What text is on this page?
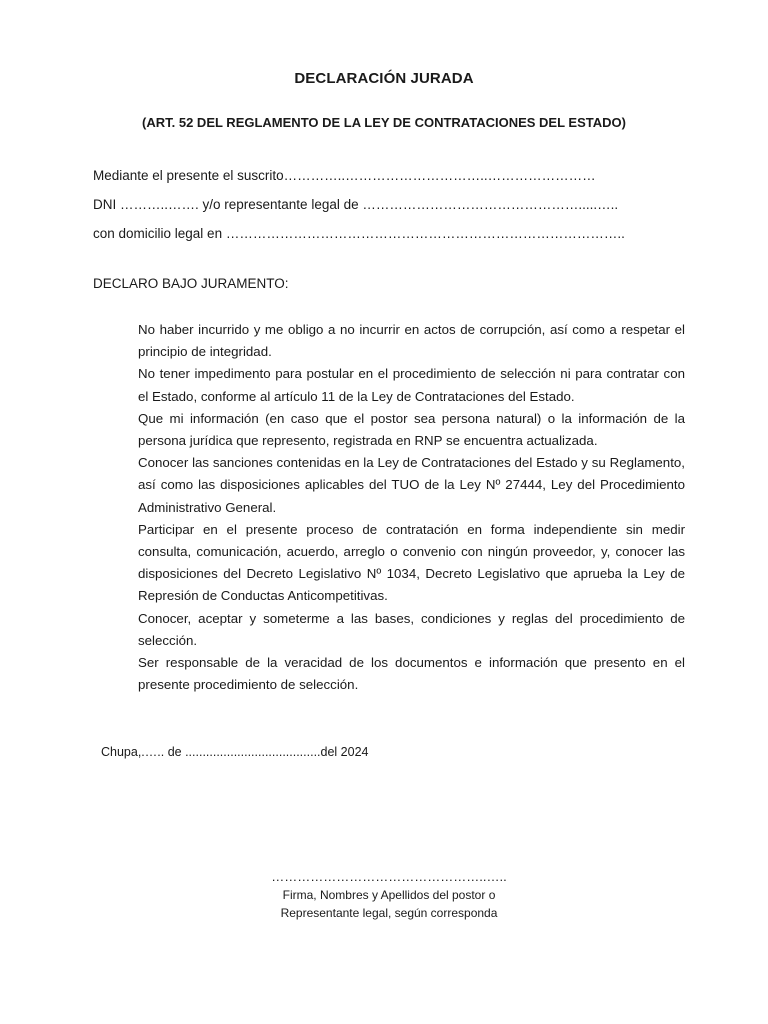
DECLARACIÓN JURADA
(ART. 52 DEL REGLAMENTO DE LA LEY DE CONTRATACIONES DEL ESTADO)
Mediante el presente el suscrito…………..…………………………..……………………
DNI ………..……. y/o representante legal de ………………………………………….....…..
con domicilio legal en ……………………………………………………………………………..
DECLARO BAJO JURAMENTO:

No haber incurrido y me obligo a no incurrir en actos de corrupción, así como a respetar el principio de integridad.

No tener impedimento para postular en el procedimiento de selección ni para contratar con el Estado, conforme al artículo 11 de la Ley de Contrataciones del Estado.

Que mi información (en caso que el postor sea persona natural) o la información de la persona jurídica que represento, registrada en RNP se encuentra actualizada.

Conocer las sanciones contenidas en la Ley de Contrataciones del Estado y su Reglamento, así como las disposiciones aplicables del TUO de la Ley Nº 27444, Ley del Procedimiento Administrativo General.

Participar en el presente proceso de contratación en forma independiente sin medir consulta, comunicación, acuerdo, arreglo o convenio con ningún proveedor, y, conocer las disposiciones del Decreto Legislativo Nº 1034, Decreto Legislativo que aprueba la Ley de Represión de Conductas Anticompetitivas.

Conocer, aceptar y someterme a las bases, condiciones y reglas del procedimiento de selección.

Ser responsable de la veracidad de los documentos e información que presento en el presente procedimiento de selección.

Chupa,.….. de .......................................del 2024
…………………………………………..…..
Firma, Nombres y Apellidos del postor o
Representante legal, según corresponda
